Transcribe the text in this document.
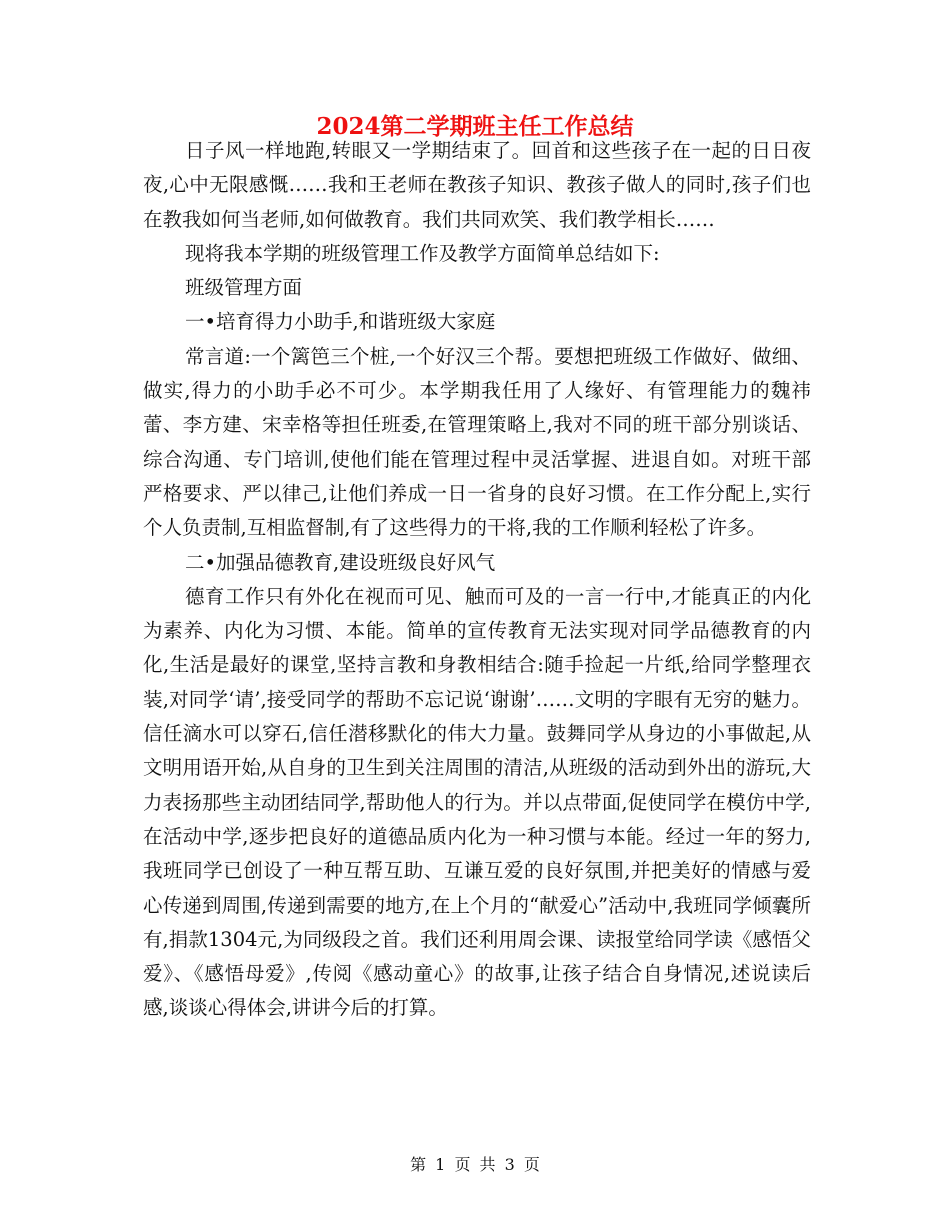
2024第二学期班主任工作总结

日子风一样地跑,转眼又一学期结束了。回首和这些孩子在一起的日日夜夜,心中无限感慨……我和王老师在教孩子知识、教孩子做人的同时,孩子们也在教我如何当老师,如何做教育。我们共同欢笑、我们教学相长……

现将我本学期的班级管理工作及教学方面简单总结如下:

班级管理方面

一•培育得力小助手,和谐班级大家庭

常言道:一个篱笆三个桩,一个好汉三个帮。要想把班级工作做好、做细、做实,得力的小助手必不可少。本学期我任用了人缘好、有管理能力的魏祎蕾、李方建、宋幸格等担任班委,在管理策略上,我对不同的班干部分别谈话、综合沟通、专门培训,使他们能在管理过程中灵活掌握、进退自如。对班干部严格要求、严以律己,让他们养成一日一省身的良好习惯。在工作分配上,实行个人负责制,互相监督制,有了这些得力的干将,我的工作顺利轻松了许多。

二•加强品德教育,建设班级良好风气

德育工作只有外化在视而可见、触而可及的一言一行中,才能真正的内化为素养、内化为习惯、本能。简单的宣传教育无法实现对同学品德教育的内化,生活是最好的课堂,坚持言教和身教相结合:随手捡起一片纸,给同学整理衣装,对同学‘请’,接受同学的帮助不忘记说‘谢谢’……文明的字眼有无穷的魅力。信任滴水可以穿石,信任潜移默化的伟大力量。鼓舞同学从身边的小事做起,从文明用语开始,从自身的卫生到关注周围的清洁,从班级的活动到外出的游玩,大力表扬那些主动团结同学,帮助他人的行为。并以点带面,促使同学在模仿中学,在活动中学,逐步把良好的道德品质内化为一种习惯与本能。经过一年的努力,我班同学已创设了一种互帮互助、互谦互爱的良好氛围,并把美好的情感与爱心传递到周围,传递到需要的地方,在上个月的“献爱心”活动中,我班同学倾囊所有,捐款1304元,为同级段之首。我们还利用周会课、读报堂给同学读《感悟父爱》、《感悟母爱》,传阅《感动童心》的故事,让孩子结合自身情况,述说读后感,谈谈心得体会,讲讲今后的打算。

第 1 页 共 3 页
